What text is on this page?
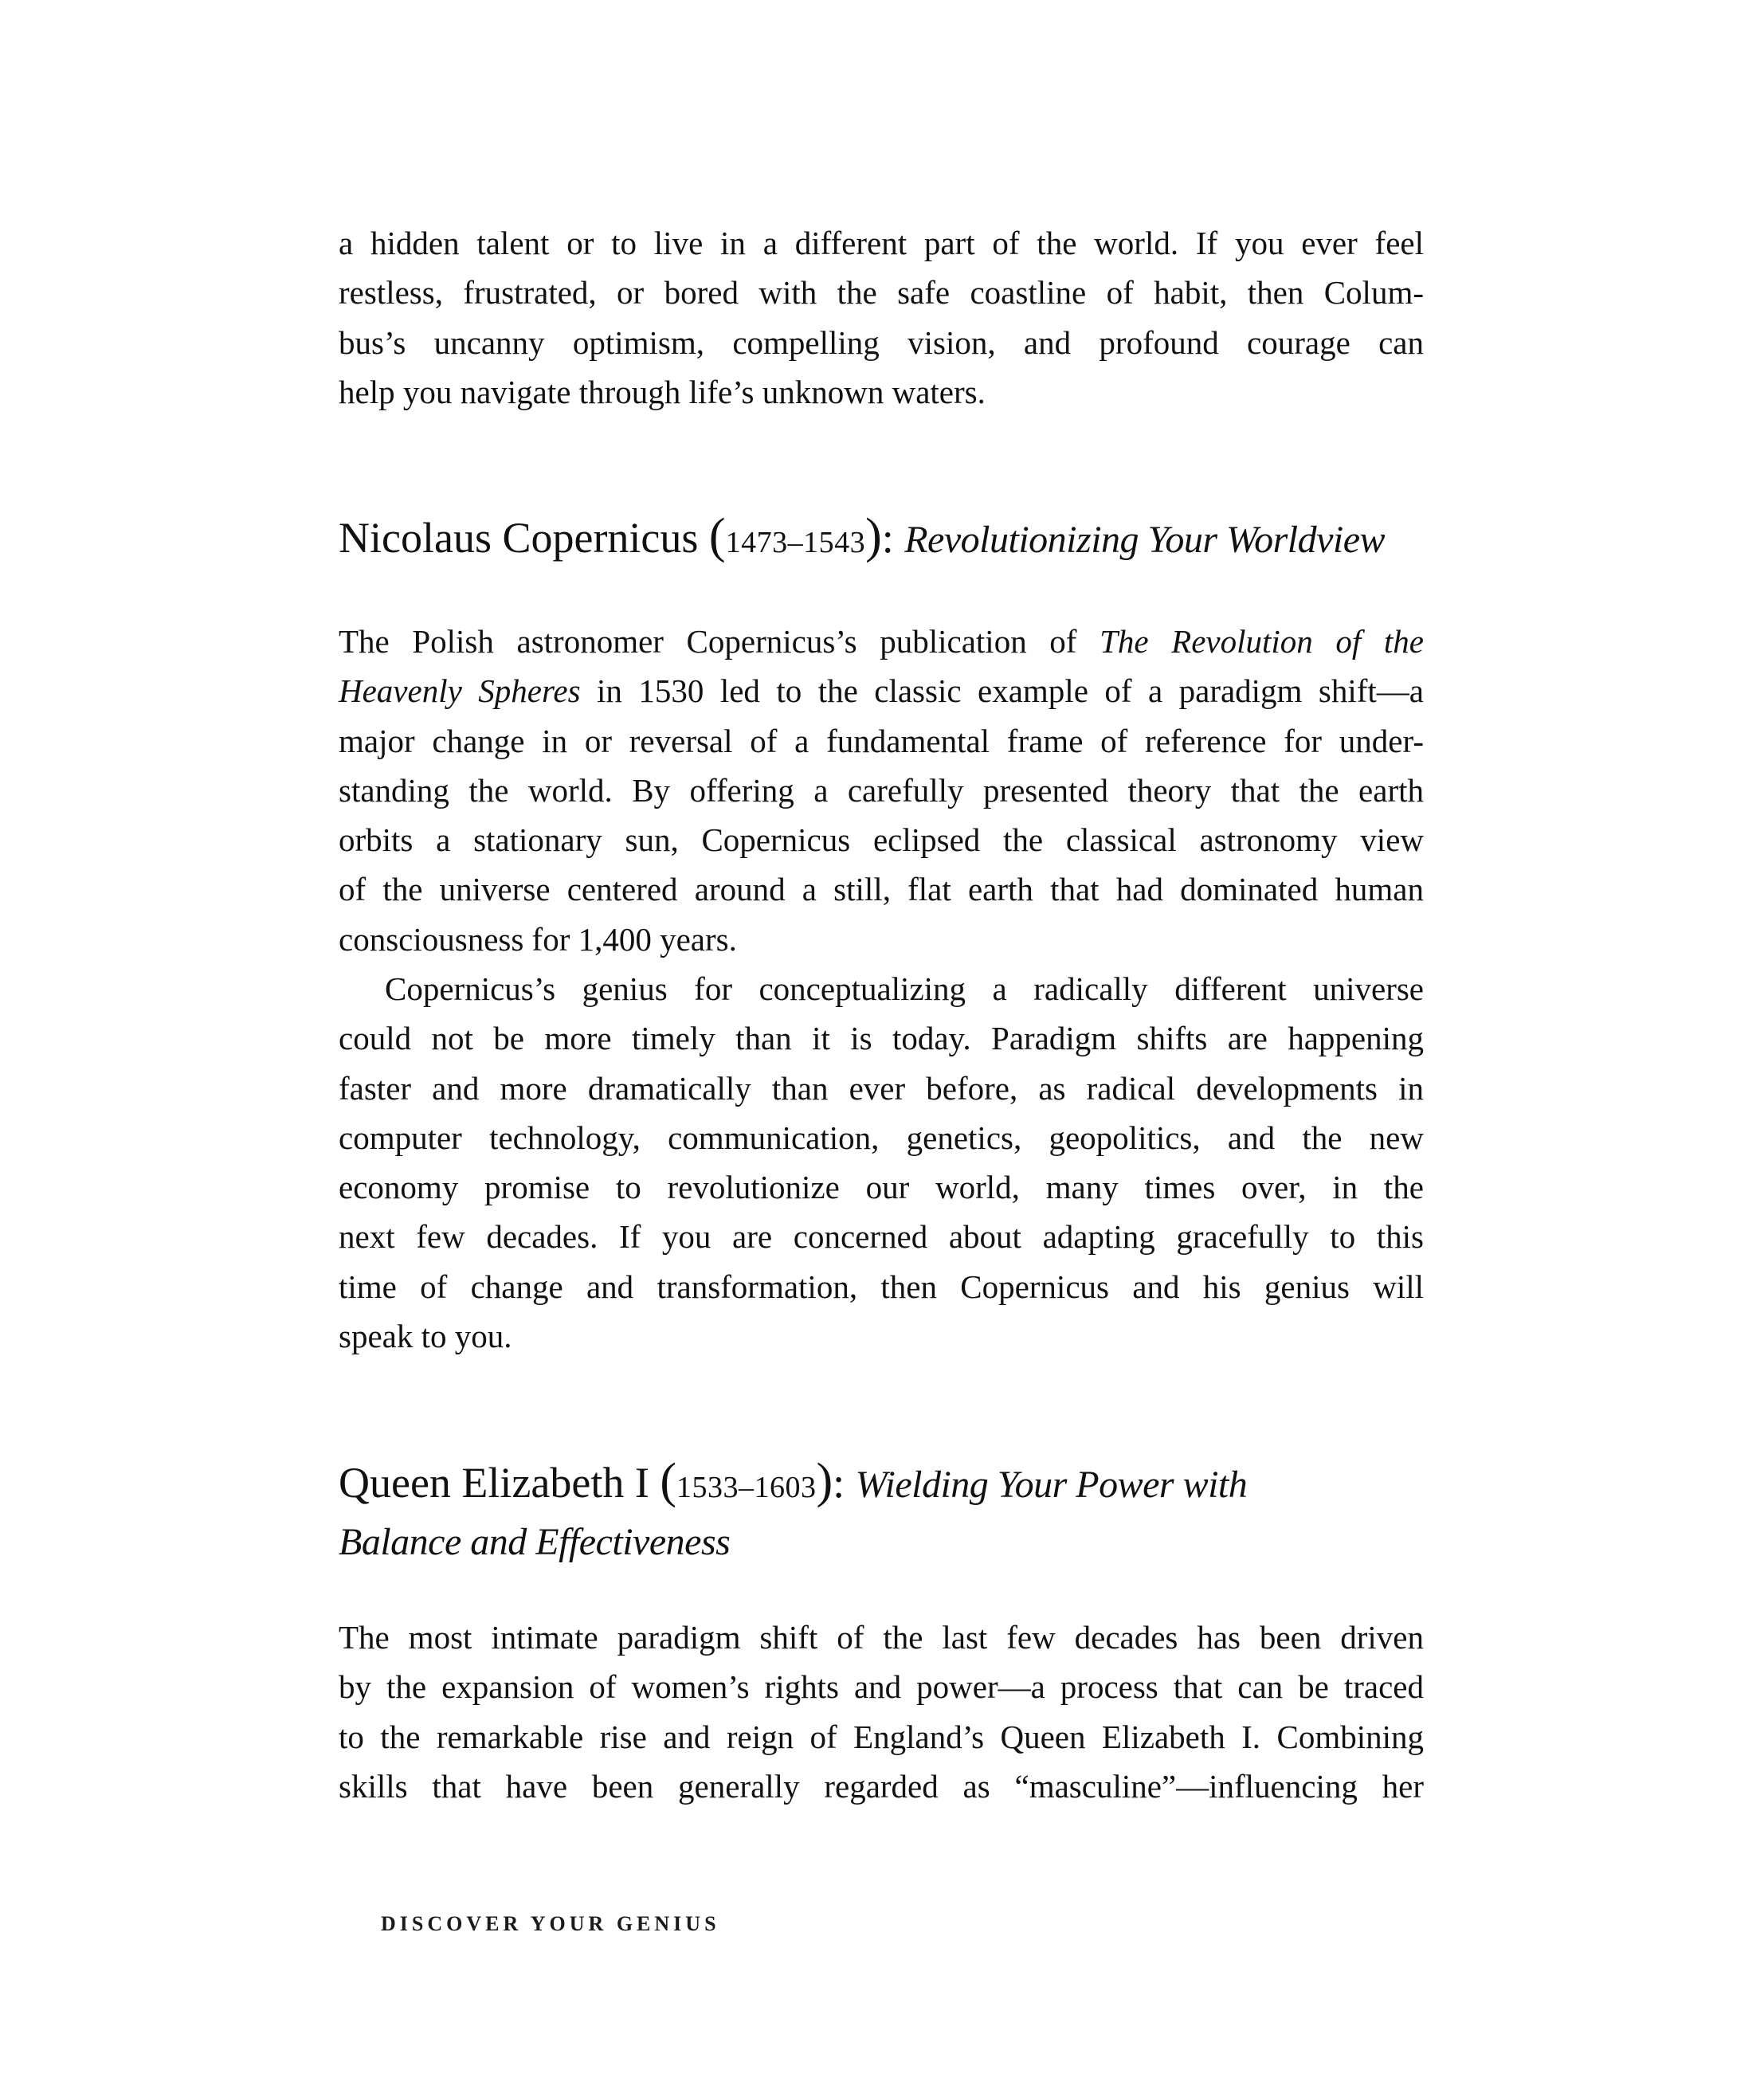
a hidden talent or to live in a different part of the world. If you ever feel
restless, frustrated, or bored with the safe coastline of habit, then Colum-
bus’s uncanny optimism, compelling vision, and profound courage can
help you navigate through life’s unknown waters.
Nicolaus Copernicus (1473–1543): Revolutionizing Your Worldview
The Polish astronomer Copernicus’s publication of The Revolution of the
Heavenly Spheres in 1530 led to the classic example of a paradigm shift—a
major change in or reversal of a fundamental frame of reference for under-
standing the world. By offering a carefully presented theory that the earth
orbits a stationary sun, Copernicus eclipsed the classical astronomy view
of the universe centered around a still, flat earth that had dominated human
consciousness for 1,400 years.
Copernicus’s genius for conceptualizing a radically different universe
could not be more timely than it is today. Paradigm shifts are happening
faster and more dramatically than ever before, as radical developments in
computer technology, communication, genetics, geopolitics, and the new
economy promise to revolutionize our world, many times over, in the
next few decades. If you are concerned about adapting gracefully to this
time of change and transformation, then Copernicus and his genius will
speak to you.
Queen Elizabeth I (1533–1603): Wielding Your Power with
Balance and Effectiveness
The most intimate paradigm shift of the last few decades has been driven
by the expansion of women’s rights and power—a process that can be traced
to the remarkable rise and reign of England’s Queen Elizabeth I. Combining
skills that have been generally regarded as “masculine”—influencing her
DISCOVER YOUR GENIUS
